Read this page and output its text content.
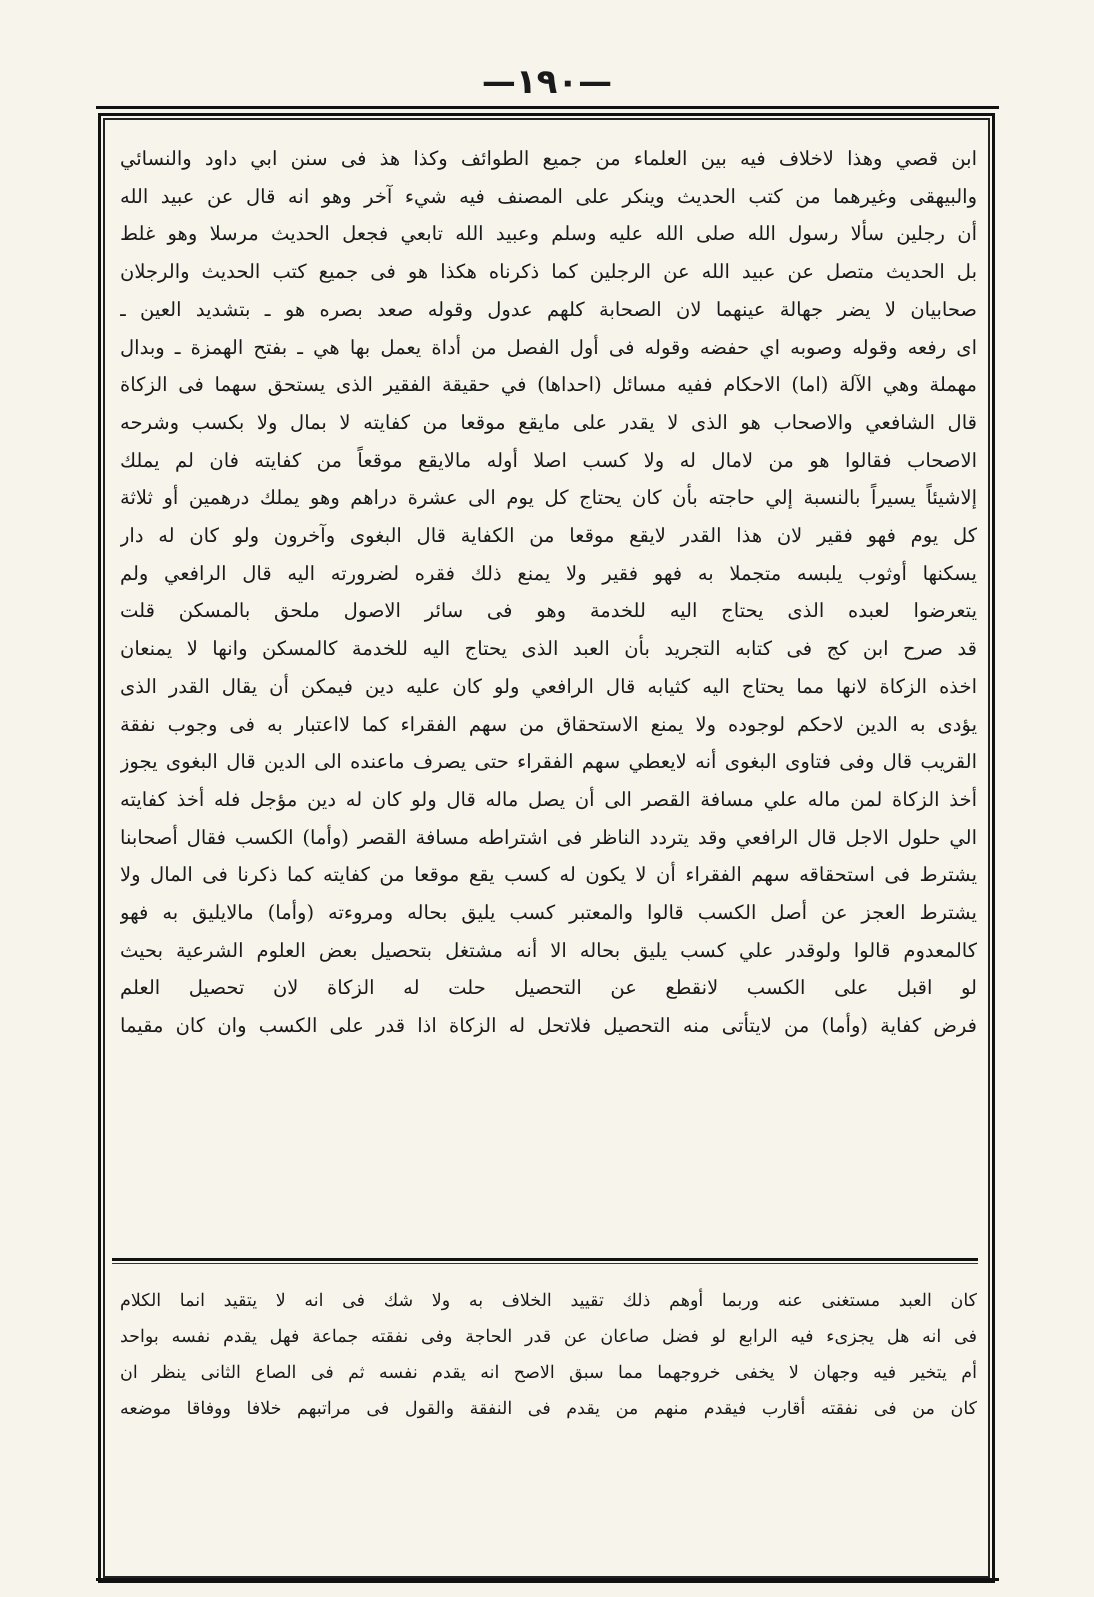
—١٩٠—
ابن قصي وهذا لاخلاف فيه بين العلماء من جميع الطوائف وكذا هذ فى سنن ابي داود والنسائي
والبيهقى وغيرهما من كتب الحديث وينكر على المصنف فيه شيء آخر وهو انه قال عن عبيد الله
أن رجلين سألا رسول الله صلى الله عليه وسلم وعبيد الله تابعي فجعل الحديث مرسلا وهو غلط
بل الحديث متصل عن عبيد الله عن الرجلين كما ذكرناه هكذا هو فى جميع كتب الحديث والرجلان
صحابيان لا يضر جهالة عينهما لان الصحابة كلهم عدول وقوله صعد بصره هو ـ بتشديد العين ـ
اى رفعه وقوله وصوبه اي حفضه وقوله فى أول الفصل من أداة يعمل بها هي ـ بفتح الهمزة ـ وبدال
مهملة وهي الآلة (اما) الاحكام ففيه مسائل (احداها) في حقيقة الفقير الذى يستحق سهما فى الزكاة
قال الشافعي والاصحاب هو الذى لا يقدر على مايقع موقعا من كفايته لا بمال ولا بكسب وشرحه
الاصحاب فقالوا هو من لامال له ولا كسب اصلا أوله مالايقع موقعاً من كفايته فان لم يملك
إلاشيئاً يسيراً بالنسبة إلي حاجته بأن كان يحتاج كل يوم الى عشرة دراهم وهو يملك درهمين أو ثلاثة
كل يوم فهو فقير لان هذا القدر لايقع موقعا من الكفاية قال البغوى وآخرون ولو كان له دار
يسكنها أوثوب يلبسه متجملا به فهو فقير ولا يمنع ذلك فقره لضرورته اليه قال الرافعي ولم
يتعرضوا لعبده الذى يحتاج اليه للخدمة وهو فى سائر الاصول ملحق بالمسكن قلت
قد صرح ابن كج فى كتابه التجريد بأن العبد الذى يحتاج اليه للخدمة كالمسكن وانها لا يمنعان
اخذه الزكاة لانها مما يحتاج اليه كثيابه قال الرافعي ولو كان عليه دين فيمكن أن يقال القدر الذى
يؤدى به الدين لاحكم لوجوده ولا يمنع الاستحقاق من سهم الفقراء كما لااعتبار به فى وجوب نفقة
القريب قال وفى فتاوى البغوى أنه لايعطي سهم الفقراء حتى يصرف ماعنده الى الدين قال البغوى يجوز
أخذ الزكاة لمن ماله علي مسافة القصر الى أن يصل ماله قال ولو كان له دين مؤجل فله أخذ كفايته
الي حلول الاجل قال الرافعي وقد يتردد الناظر فى اشتراطه مسافة القصر (وأما) الكسب فقال أصحابنا
يشترط فى استحقاقه سهم الفقراء أن لا يكون له كسب يقع موقعا من كفايته كما ذكرنا فى المال ولا
يشترط العجز عن أصل الكسب قالوا والمعتبر كسب يليق بحاله ومروءته (وأما) مالايليق به فهو
كالمعدوم قالوا ولوقدر علي كسب يليق بحاله الا أنه مشتغل بتحصيل بعض العلوم الشرعية بحيث
لو اقبل على الكسب لانقطع عن التحصيل حلت له الزكاة لان تحصيل العلم
فرض كفاية (وأما) من لايتأتى منه التحصيل فلاتحل له الزكاة اذا قدر على الكسب وان كان مقيما
كان العبد مستغنى عنه وربما أوهم ذلك تقييد الخلاف به ولا شك فى انه لا يتقيد انما الكلام
فى انه هل يجزىء فيه الرابع لو فضل صاعان عن قدر الحاجة وفى نفقته جماعة فهل يقدم نفسه بواحد
أم يتخير فيه وجهان لا يخفى خروجهما مما سبق الاصح انه يقدم نفسه ثم فى الصاع الثانى ينظر ان
كان من فى نفقته أقارب فيقدم منهم من يقدم فى النفقة والقول فى مراتبهم خلافا ووفاقا موضعه
